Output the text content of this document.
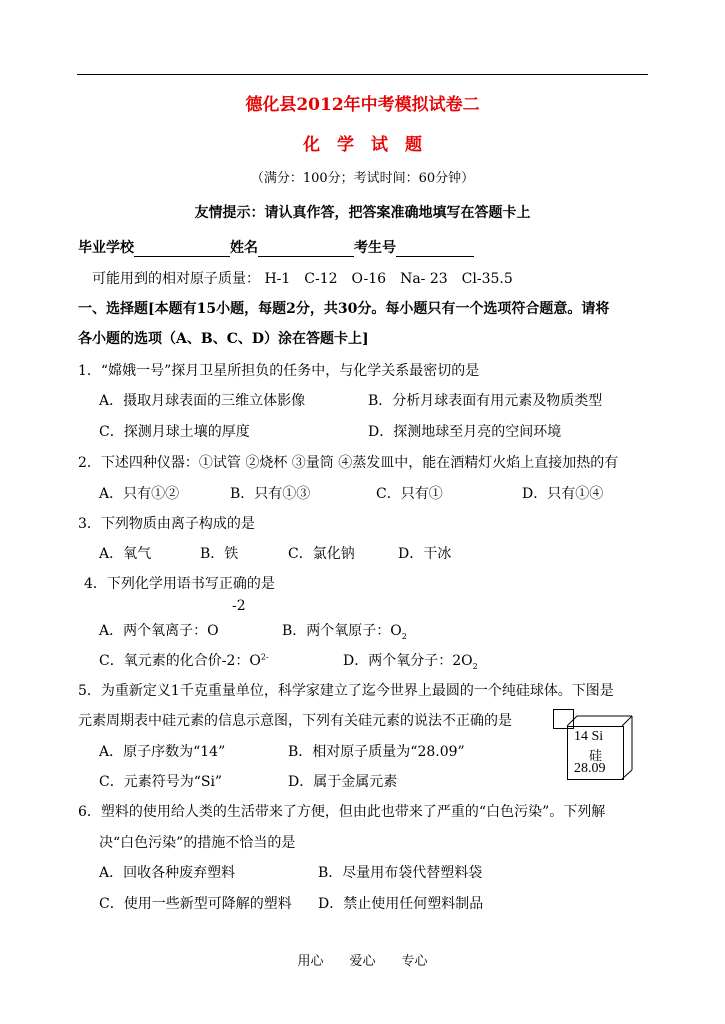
德化县2012年中考模拟试卷二
化　学　试　题
（满分：100分；考试时间：60分钟）
友情提示：请认真作答，把答案准确地填写在答题卡上
毕业学校	姓名	考生号
可能用到的相对原子质量： H-1　C-12　O-16　Na- 23　Cl-35.5
一、选择题[本题有15小题，每题2分，共30分。每小题只有一个选项符合题意。请将
各小题的选项（A、B、C、D）涂在答题卡上]
1．“嫦娥一号”探月卫星所担负的任务中，与化学关系最密切的是
A．摄取月球表面的三维立体影像	B．分析月球表面有用元素及物质类型
C．探测月球土壤的厚度	D．探测地球至月亮的空间环境
2．下述四种仪器：①试管 ②烧杯 ③量筒 ④蒸发皿中，能在酒精灯火焰上直接加热的有
A．只有①②	B．只有①③	C．只有①	D．只有①④
3．下列物质由离子构成的是
A．氧气	B．铁	C．氯化钠	D．干冰
4．下列化学用语书写正确的是
-2
A．两个氧离子：O	B．两个氧原子：$O_2$
C．氧元素的化合价-2：$O^{2-}$	D．两个氧分子：$2O_2$
5．为重新定义1千克重量单位，科学家建立了迄今世界上最圆的一个纯硅球体。下图是
元素周期表中硅元素的信息示意图，下列有关硅元素的说法不正确的是
A．原子序数为“14”	B．相对原子质量为“28.09”
C．元素符号为“Si”	D．属于金属元素
14 Si
硅
28.09
6．塑料的使用给人类的生活带来了方便，但由此也带来了严重的“白色污染”。下列解
决“白色污染”的措施不恰当的是
A．回收各种废弃塑料	B．尽量用布袋代替塑料袋
C．使用一些新型可降解的塑料 D．禁止使用任何塑料制品
用心　　爱心　　专心
